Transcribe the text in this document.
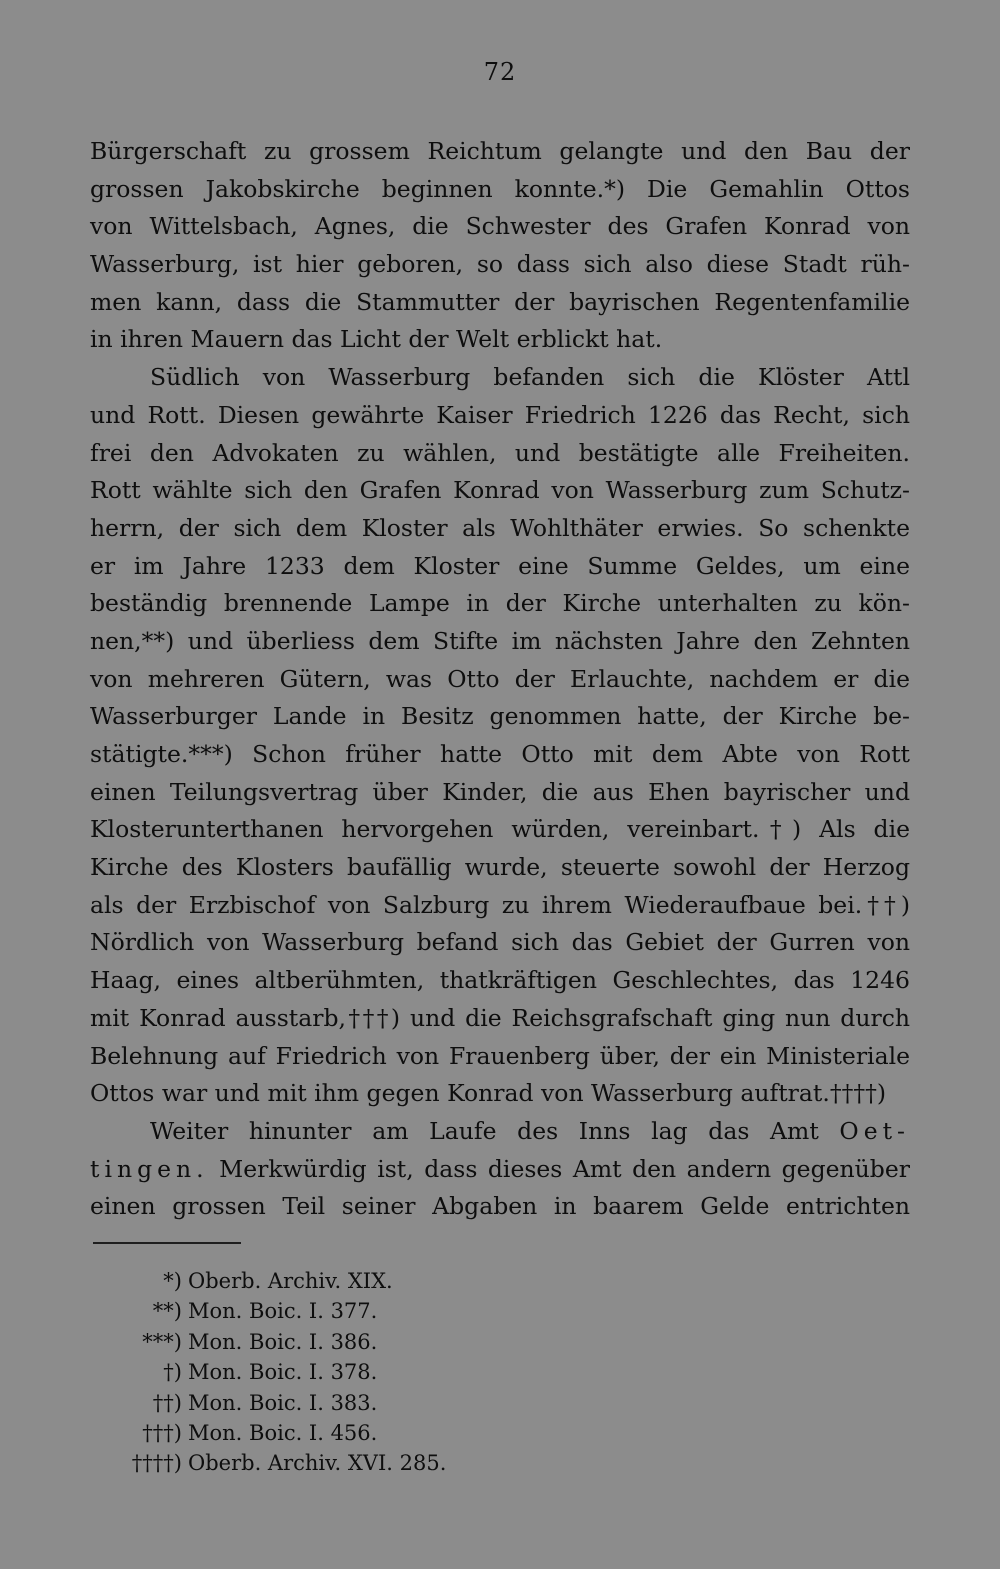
72
Bürgerschaft zu grossem Reichtum gelangte und den Bau der
grossen Jakobskirche beginnen konnte.*) Die Gemahlin Ottos
von Wittelsbach, Agnes, die Schwester des Grafen Konrad von
Wasserburg, ist hier geboren, so dass sich also diese Stadt rüh-
men kann, dass die Stammutter der bayrischen Regentenfamilie
in ihren Mauern das Licht der Welt erblickt hat.
Südlich von Wasserburg befanden sich die Klöster Attl
und Rott. Diesen gewährte Kaiser Friedrich 1226 das Recht, sich
frei den Advokaten zu wählen, und bestätigte alle Freiheiten.
Rott wählte sich den Grafen Konrad von Wasserburg zum Schutz-
herrn, der sich dem Kloster als Wohlthäter erwies. So schenkte
er im Jahre 1233 dem Kloster eine Summe Geldes, um eine
beständig brennende Lampe in der Kirche unterhalten zu kön-
nen,**) und überliess dem Stifte im nächsten Jahre den Zehnten
von mehreren Gütern, was Otto der Erlauchte, nachdem er die
Wasserburger Lande in Besitz genommen hatte, der Kirche be-
stätigte.***) Schon früher hatte Otto mit dem Abte von Rott
einen Teilungsvertrag über Kinder, die aus Ehen bayrischer und
Klosterunterthanen hervorgehen würden, vereinbart.†) Als die
Kirche des Klosters baufällig wurde, steuerte sowohl der Herzog
als der Erzbischof von Salzburg zu ihrem Wiederaufbaue bei.††)
Nördlich von Wasserburg befand sich das Gebiet der Gurren von
Haag, eines altberühmten, thatkräftigen Geschlechtes, das 1246
mit Konrad ausstarb,†††) und die Reichsgrafschaft ging nun durch
Belehnung auf Friedrich von Frauenberg über, der ein Ministeriale
Ottos war und mit ihm gegen Konrad von Wasserburg auftrat.††††)
Weiter hinunter am Laufe des Inns lag das Amt Oet-
tingen. Merkwürdig ist, dass dieses Amt den andern gegenüber
einen grossen Teil seiner Abgaben in baarem Gelde entrichten
*) Oberb. Archiv. XIX.
**) Mon. Boic. I. 377.
***) Mon. Boic. I. 386.
†) Mon. Boic. I. 378.
††) Mon. Boic. I. 383.
†††) Mon. Boic. I. 456.
††††) Oberb. Archiv. XVI. 285.
